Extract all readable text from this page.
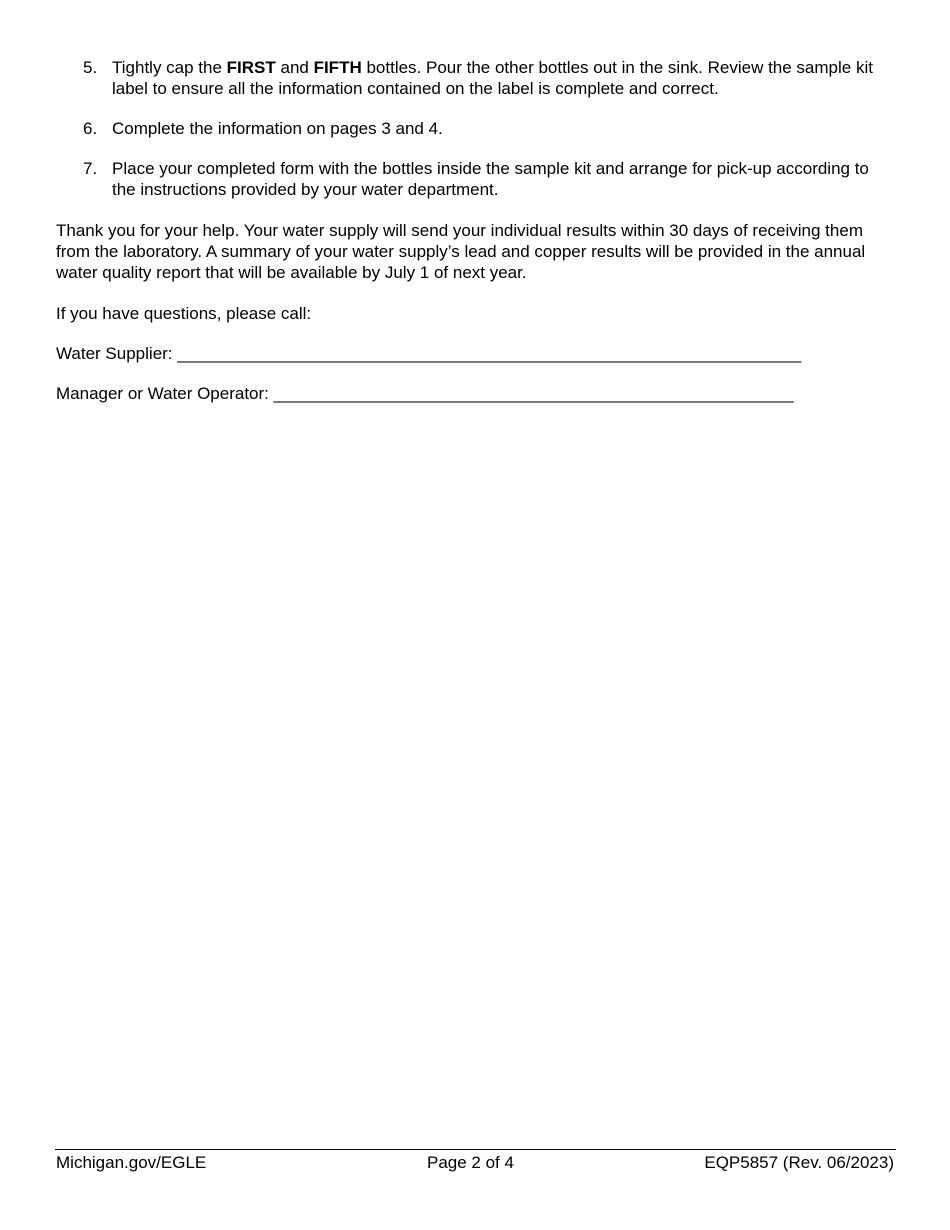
5. Tightly cap the FIRST and FIFTH bottles. Pour the other bottles out in the sink. Review the sample kit label to ensure all the information contained on the label is complete and correct.
6. Complete the information on pages 3 and 4.
7. Place your completed form with the bottles inside the sample kit and arrange for pick-up according to the instructions provided by your water department.

Thank you for your help. Your water supply will send your individual results within 30 days of receiving them from the laboratory. A summary of your water supply’s lead and copper results will be provided in the annual water quality report that will be available by July 1 of next year.

If you have questions, please call:

Water Supplier: __________________________________________________________________

Manager or Water Operator: _______________________________________________________

Michigan.gov/EGLE	Page 2 of 4	EQP5857 (Rev. 06/2023)
